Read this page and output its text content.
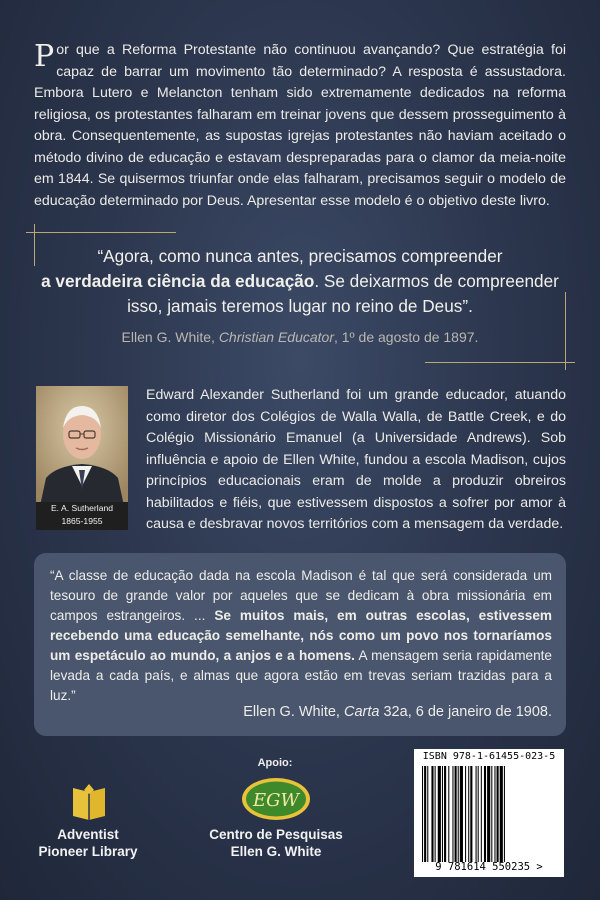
P or que a Reforma Protestante não continuou avançando? Que estratégia foi capaz de barrar um movimento tão determinado? A resposta é assustadora. Embora Lutero e Melancton tenham sido extremamente dedicados na reforma religiosa, os protestantes falharam em treinar jovens que dessem prosseguimento à obra. Consequentemente, as supostas igrejas protestantes não haviam aceitado o método divino de educação e estavam despreparadas para o clamor da meia-noite em 1844. Se quisermos triunfar onde elas falharam, precisamos seguir o modelo de educação determinado por Deus. Apresentar esse modelo é o objetivo deste livro.
“Agora, como nunca antes, precisamos compreender
a verdadeira ciência da educação. Se deixarmos de compreender isso, jamais teremos lugar no reino de Deus”.
Ellen G. White, Christian Educator, 1º de agosto de 1897.
E. A. Sutherland
1865-1955
Edward Alexander Sutherland foi um grande educador, atuando como diretor dos Colégios de Walla Walla, de Battle Creek, e do Colégio Missionário Emanuel (a Universidade Andrews). Sob influência e apoio de Ellen White, fundou a escola Madison, cujos princípios educacionais eram de molde a produzir obreiros habilitados e fiéis, que estivessem dispostos a sofrer por amor à causa e desbravar novos territórios com a mensagem da verdade.
“A classe de educação dada na escola Madison é tal que será considerada um tesouro de grande valor por aqueles que se dedicam à obra missionária em campos estrangeiros. ... Se muitos mais, em outras escolas, estivessem recebendo uma educação semelhante, nós como um povo nos tornaríamos um espetáculo ao mundo, a anjos e a homens. A mensagem seria rapidamente levada a cada país, e almas que agora estão em trevas seriam trazidas para a luz.”
Ellen G. White, Carta 32a, 6 de janeiro de 1908.
Apoio:
Adventist
Pioneer Library
EGW
Centro de Pesquisas
Ellen G. White
ISBN 978-1-61455-023-5
9 781614 550235 >
